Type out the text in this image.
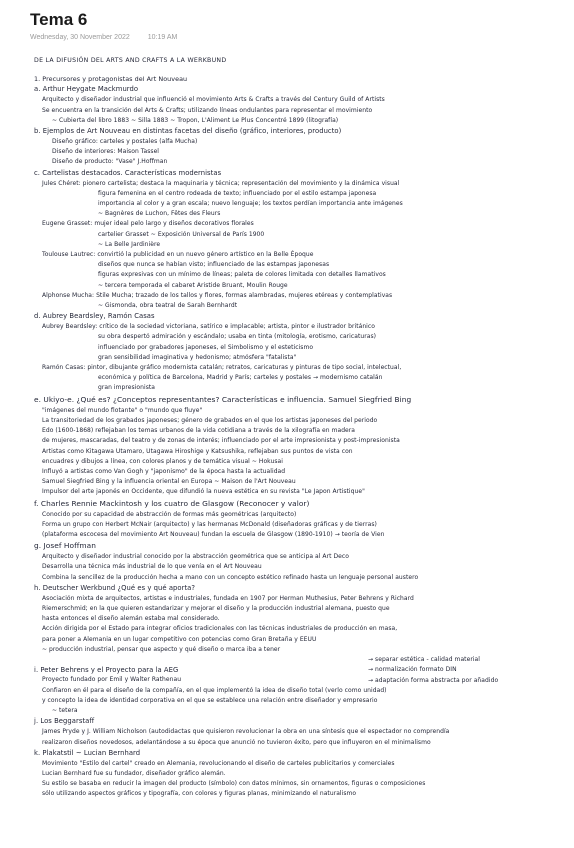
Tema 6
Wednesday, 30 November 2022	10:19 AM
DE LA DIFUSIÓN DEL ARTS AND CRAFTS A LA WERKBUND
1. Precursores y protagonistas del Art Nouveau
a. Arthur Heygate Mackmurdo
Arquitecto y diseñador industrial que influenció el movimiento Arts & Crafts a través del Century Guild of Artists
Se encuentra en la transición del Arts & Crafts; utilizando líneas ondulantes para representar el movimiento
~ Cubierta del libro 1883 ~ Silla 1883 ~ Tropon, L'Aliment Le Plus Concentré 1899 (litografía)
b. Ejemplos de Art Nouveau en distintas facetas del diseño (gráfico, interiores, producto)
Diseño gráfico: carteles y postales (alfa Mucha)
Diseño de interiores: Maison Tassel
Diseño de producto: "Vase" J.Hoffman
c. Cartelistas destacados. Características modernistas
Jules Chéret: pionero cartelista; destaca la maquinaria y técnica; representación del movimiento y la dinámica visual
figura femenina en el centro rodeada de texto; influenciado por el estilo estampa japonesa
importancia al color y a gran escala; nuevo lenguaje; los textos perdían importancia ante imágenes
~ Bagnères de Luchon, Fêtes des Fleurs
Eugene Grasset: mujer ideal pelo largo y diseños decorativos florales
cartelier Grasset ~ Exposición Universal de París 1900
~ La Belle Jardinière
Toulouse Lautrec: convirtió la publicidad en un nuevo género artístico en la Belle Époque
diseños que nunca se habían visto; influenciado de las estampas japonesas
figuras expresivas con un mínimo de líneas; paleta de colores limitada con detalles llamativos
~ tercera temporada el cabaret Aristide Bruant, Moulin Rouge
Alphonse Mucha: Stile Mucha; trazado de los tallos y flores, formas alambradas, mujeres etéreas y contemplativas
~ Gismonda, obra teatral de Sarah Bernhardt
d. Aubrey Beardsley, Ramón Casas
Aubrey Beardsley: crítico de la sociedad victoriana, satírico e implacable; artista, pintor e ilustrador británico
su obra despertó admiración y escándalo; usaba en tinta (mitología, erotismo, caricaturas)
influenciado por grabadores japoneses, el Simbolismo y el esteticismo
gran sensibilidad imaginativa y hedonismo; atmósfera "fatalista"
Ramón Casas: pintor, dibujante gráfico modernista catalán; retratos, caricaturas y pinturas de tipo social, intelectual,
económica y política de Barcelona, Madrid y París; carteles y postales → modernismo catalán
gran impresionista
e. Ukiyo-e. ¿Qué es? ¿Conceptos representantes? Características e influencia. Samuel Siegfried Bing
"imágenes del mundo flotante" o "mundo que fluye"
La transitoriedad de los grabados japoneses; género de grabados en el que los artistas japoneses del periodo
Edo (1600-1868) reflejaban los temas urbanos de la vida cotidiana a través de la xilografía en madera
de mujeres, mascaradas, del teatro y de zonas de interés; influenciado por el arte impresionista y post-impresionista
Artistas como Kitagawa Utamaro, Utagawa Hiroshige y Katsushika, reflejaban sus puntos de vista con
encuadres y dibujos a línea, con colores planos y de temática visual ~ Hokusai
Influyó a artistas como Van Gogh y "japonismo" de la época hasta la actualidad
Samuel Siegfried Bing y la influencia oriental en Europa ~ Maison de l'Art Nouveau
Impulsor del arte japonés en Occidente, que difundió la nueva estética en su revista "Le Japon Artistique"
f. Charles Rennie Mackintosh y los cuatro de Glasgow (Reconocer y valor)
Conocido por su capacidad de abstracción de formas más geométricas (arquitecto)
Forma un grupo con Herbert McNair (arquitecto) y las hermanas McDonald (diseñadoras gráficas y de tierras)
(plataforma escocesa del movimiento Art Nouveau) fundan la escuela de Glasgow (1890-1910) → teoría de Vien
g. Josef Hoffman
Arquitecto y diseñador industrial conocido por la abstracción geométrica que se anticipa al Art Deco
Desarrolla una técnica más industrial de lo que venía en el Art Nouveau
Combina la sencillez de la producción hecha a mano con un concepto estético refinado hasta un lenguaje personal austero
h. Deutscher Werkbund ¿Qué es y qué aporta?
Asociación mixta de arquitectos, artistas e industriales, fundada en 1907 por Herman Muthesius, Peter Behrens y Richard
Riemerschmid; en la que quieren estandarizar y mejorar el diseño y la producción industrial alemana, puesto que
hasta entonces el diseño alemán estaba mal considerado.
Acción dirigida por el Estado para integrar oficios tradicionales con las técnicas industriales de producción en masa,
para poner a Alemania en un lugar competitivo con potencias como Gran Bretaña y EEUU
~ producción industrial, pensar que aspecto y qué diseño o marca iba a tener
→ separar estética - calidad material
i. Peter Behrens y el Proyecto para la AEG	→ normalización formato DIN
Proyecto fundado por Emil y Walter Rathenau	→ adaptación forma abstracta por añadido
Confiaron en él para el diseño de la compañía, en el que implementó la idea de diseño total (verlo como unidad)
y concepto la idea de identidad corporativa en el que se establece una relación entre diseñador y empresario
~ tetera
j. Los Beggarstaff
James Pryde y J. William Nicholson (autodidactas que quisieron revolucionar la obra en una síntesis que el espectador no comprendía
realizaron diseños novedosos, adelantándose a su época que anunció no tuvieron éxito, pero que influyeron en el minimalismo
k. Plakatstil ~ Lucian Bernhard
Movimiento "Estilo del cartel" creado en Alemania, revolucionando el diseño de carteles publicitarios y comerciales
Lucian Bernhard fue su fundador, diseñador gráfico alemán.
Su estilo se basaba en reducir la imagen del producto (símbolo) con datos mínimos, sin ornamentos, figuras o composiciones
sólo utilizando aspectos gráficos y tipografía, con colores y figuras planas, minimizando el naturalismo
